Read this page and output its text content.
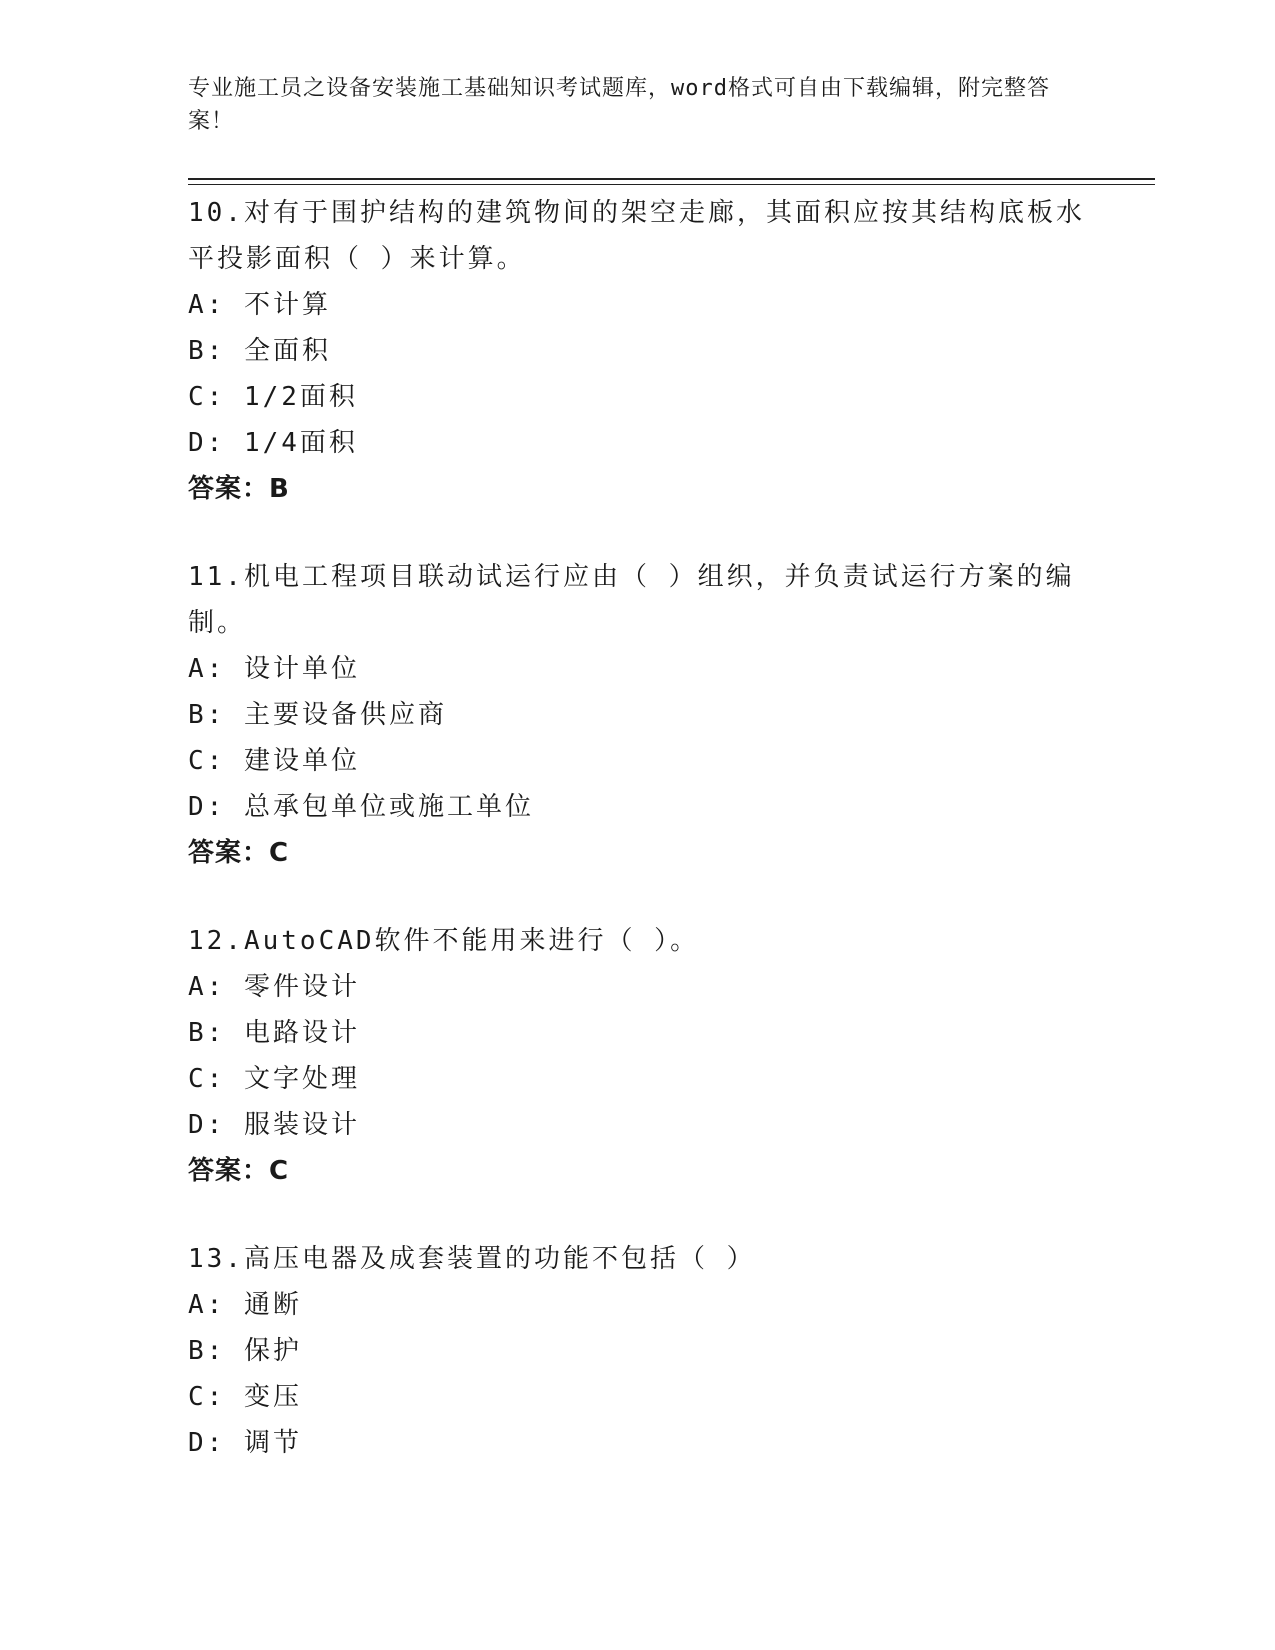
专业施工员之设备安装施工基础知识考试题库，word格式可自由下载编辑，附完整答案！
10.对有于围护结构的建筑物间的架空走廊，其面积应按其结构底板水平投影面积（ ）来计算。
A: 不计算
B: 全面积
C: 1/2面积
D: 1/4面积
答案：B
11.机电工程项目联动试运行应由（ ）组织，并负责试运行方案的编制。
A: 设计单位
B: 主要设备供应商
C: 建设单位
D: 总承包单位或施工单位
答案：C
12.AutoCAD软件不能用来进行（ ）。
A: 零件设计
B: 电路设计
C: 文字处理
D: 服装设计
答案：C
13.高压电器及成套装置的功能不包括（ ）
A: 通断
B: 保护
C: 变压
D: 调节
